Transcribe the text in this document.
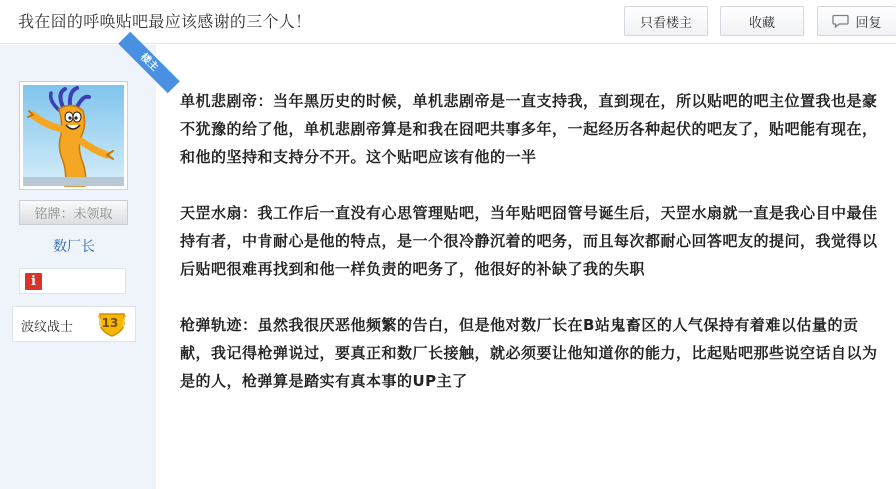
我在囧的呼唤贴吧最应该感谢的三个人！	只看楼主	收藏	回复
楼主
铭牌：未领取
数厂长
i
波纹战士	13

单机悲剧帝：当年黑历史的时候，单机悲剧帝是一直支持我，直到现在，所以贴吧的吧主位置我也是豪不犹豫的给了他，单机悲剧帝算是和我在囧吧共事多年，一起经历各种起伏的吧友了，贴吧能有现在，和他的坚持和支持分不开。这个贴吧应该有他的一半

天罡水扇：我工作后一直没有心思管理贴吧，当年贴吧囧管号诞生后，天罡水扇就一直是我心目中最佳持有者，中肯耐心是他的特点，是一个很冷静沉着的吧务，而且每次都耐心回答吧友的提问，我觉得以后贴吧很难再找到和他一样负责的吧务了，他很好的补缺了我的失职

枪弹轨迹：虽然我很厌恶他频繁的告白，但是他对数厂长在B站鬼畜区的人气保持有着难以估量的贡献，我记得枪弹说过，要真正和数厂长接触，就必须要让他知道你的能力，比起贴吧那些说空话自以为是的人，枪弹算是踏实有真本事的UP主了
